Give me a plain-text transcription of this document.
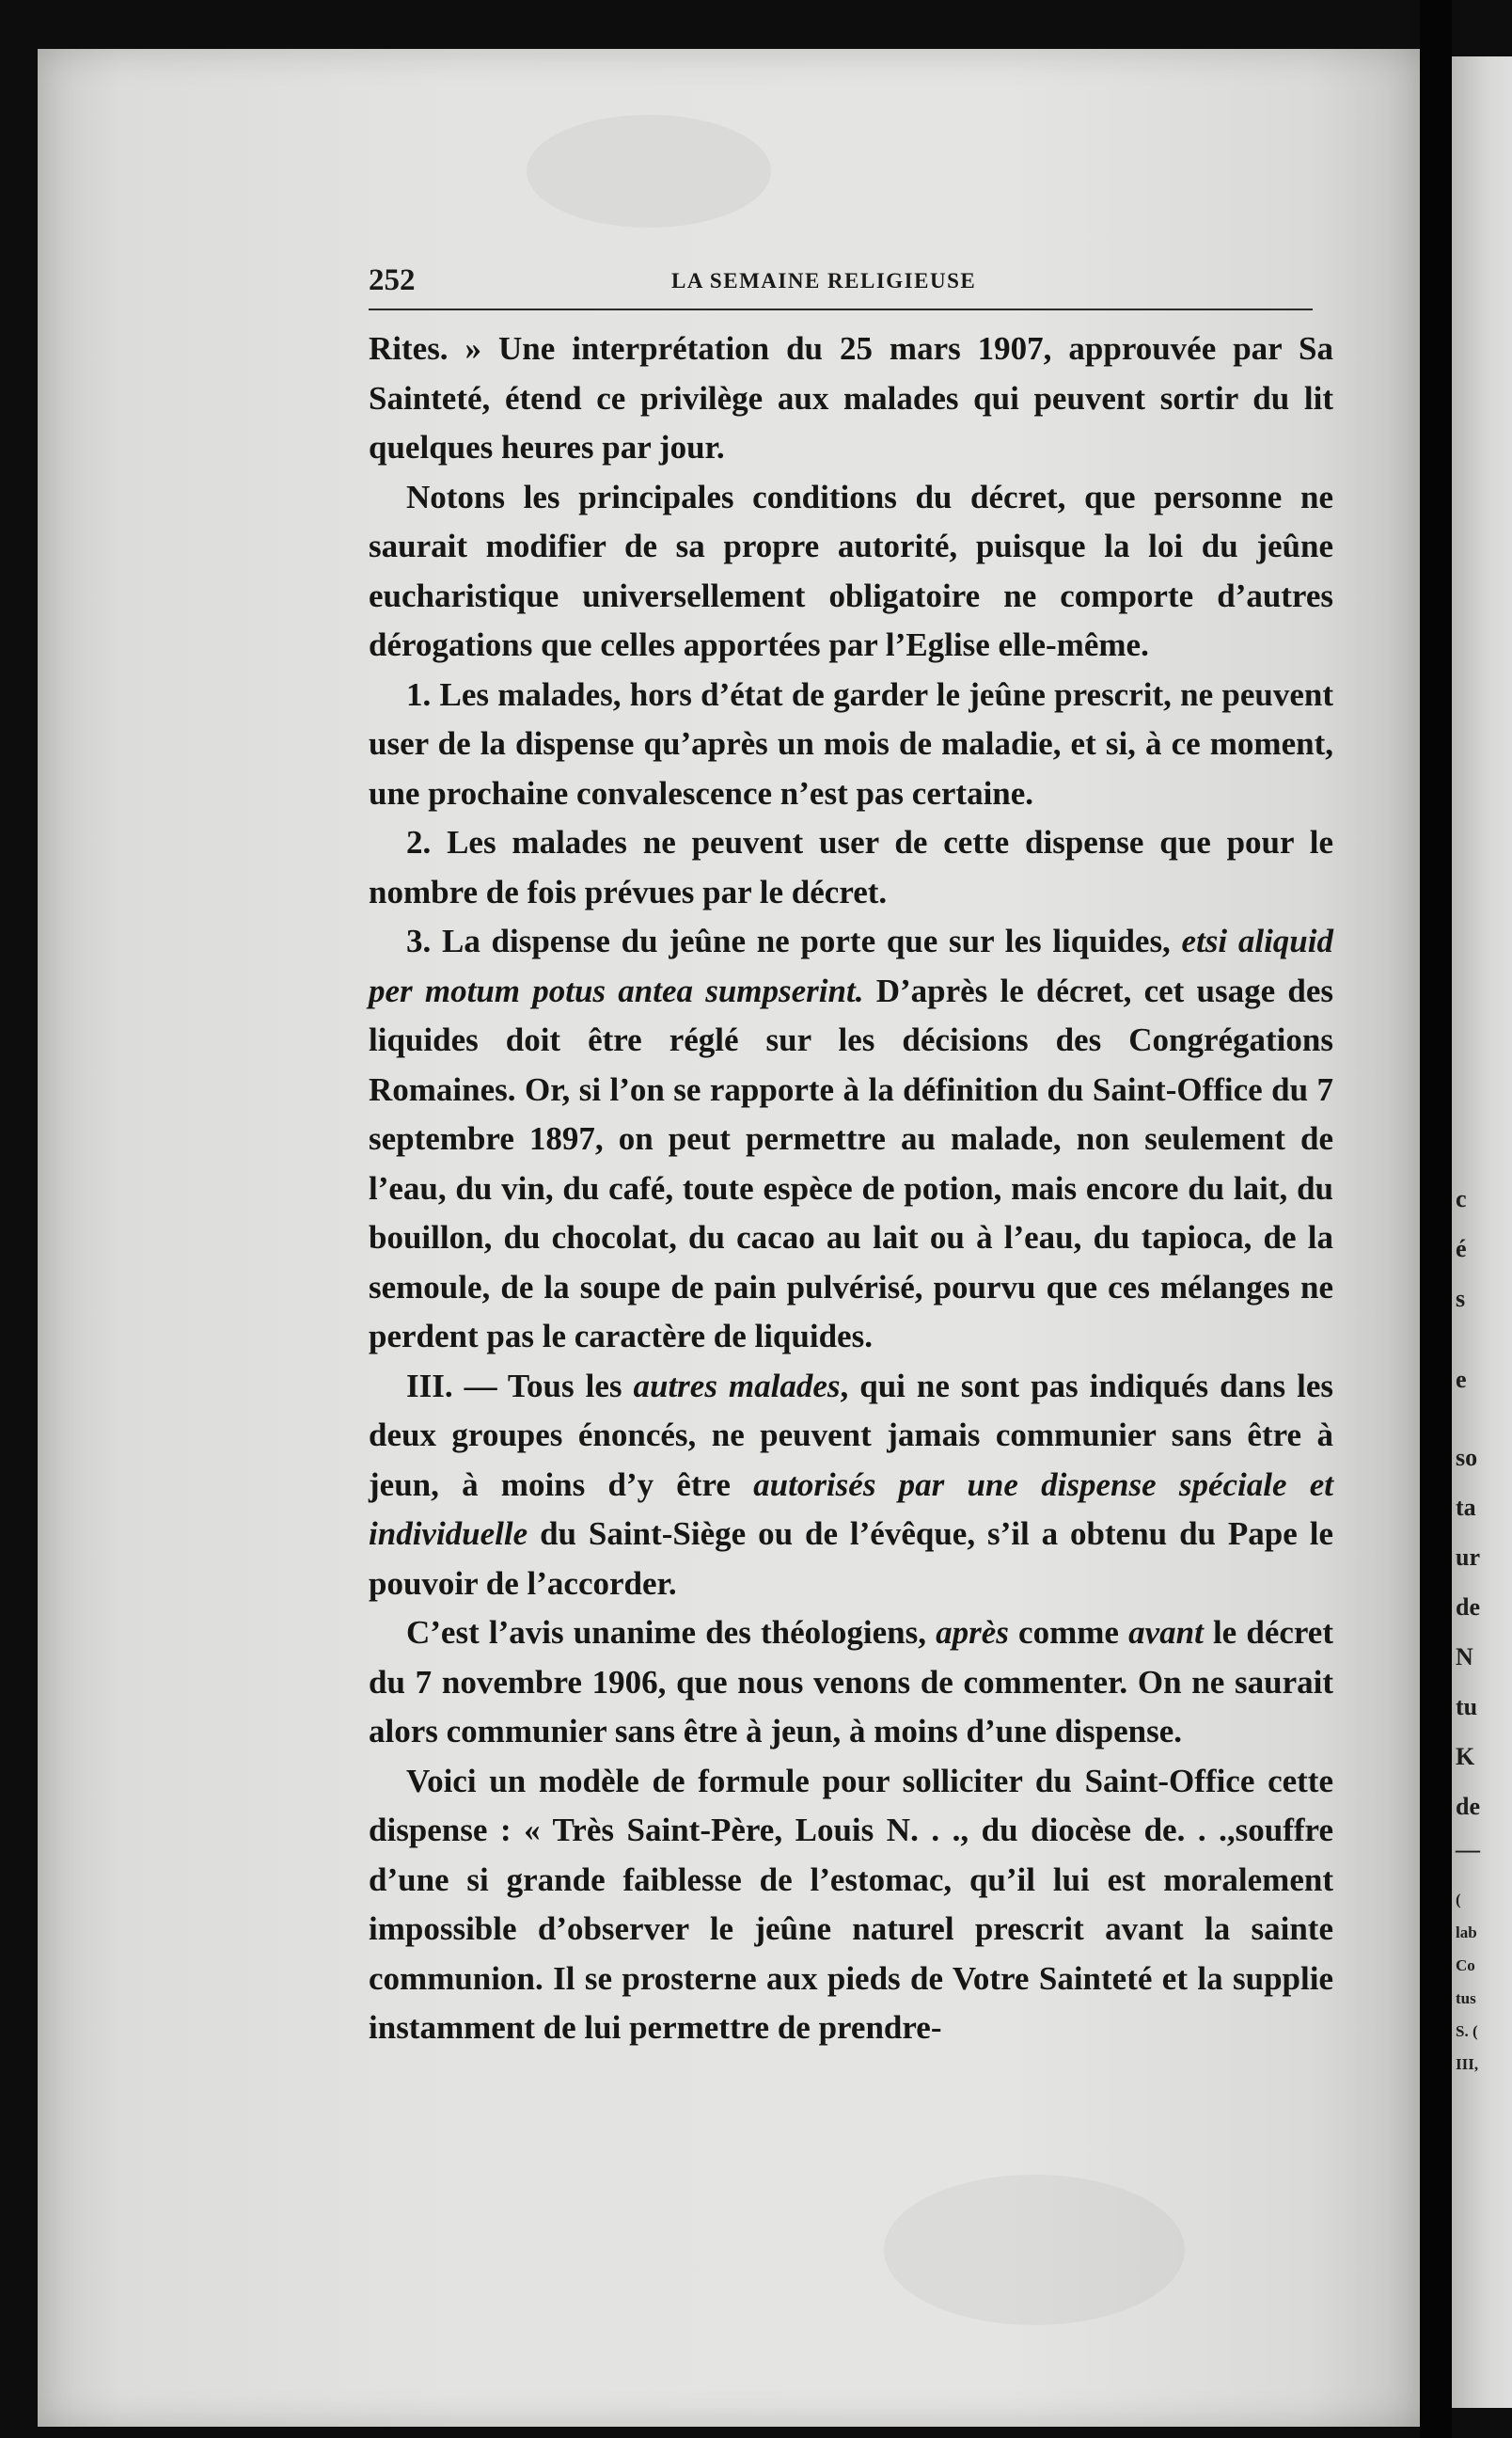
c
é
s
e
so
ta
ur
de
N
tu
K
de
—
(
lab
Co
tus
S. (
III,
252	LA SEMAINE RELIGIEUSE

Rites. » Une interprétation du 25 mars 1907, approuvée par Sa Sainteté, étend ce privilège aux malades qui peuvent sortir du lit quelques heures par jour.

Notons les principales conditions du décret, que personne ne saurait modifier de sa propre autorité, puisque la loi du jeûne eucharistique universellement obligatoire ne comporte d’autres dérogations que celles apportées par l’Eglise elle-même.

1. Les malades, hors d’état de garder le jeûne prescrit, ne peuvent user de la dispense qu’après un mois de maladie, et si, à ce moment, une prochaine convalescence n’est pas certaine.

2. Les malades ne peuvent user de cette dispense que pour le nombre de fois prévues par le décret.

3. La dispense du jeûne ne porte que sur les liquides, etsi aliquid per motum potus antea sumpserint. D’après le décret, cet usage des liquides doit être réglé sur les décisions des Congrégations Romaines. Or, si l’on se rapporte à la définition du Saint-Office du 7 septembre 1897, on peut permettre au malade, non seulement de l’eau, du vin, du café, toute espèce de potion, mais encore du lait, du bouillon, du chocolat, du cacao au lait ou à l’eau, du tapioca, de la semoule, de la soupe de pain pulvérisé, pourvu que ces mélanges ne perdent pas le caractère de liquides.

III. — Tous les autres malades, qui ne sont pas indiqués dans les deux groupes énoncés, ne peuvent jamais communier sans être à jeun, à moins d’y être autorisés par une dispense spéciale et individuelle du Saint-Siège ou de l’évêque, s’il a obtenu du Pape le pouvoir de l’accorder.

C’est l’avis unanime des théologiens, après comme avant le décret du 7 novembre 1906, que nous venons de commenter. On ne saurait alors communier sans être à jeun, à moins d’une dispense.

Voici un modèle de formule pour solliciter du Saint-Office cette dispense : « Très Saint-Père, Louis N. . ., du diocèse de. . .,souffre d’une si grande faiblesse de l’estomac, qu’il lui est moralement impossible d’observer le jeûne naturel prescrit avant la sainte communion. Il se prosterne aux pieds de Votre Sainteté et la supplie instamment de lui permettre de prendre-
